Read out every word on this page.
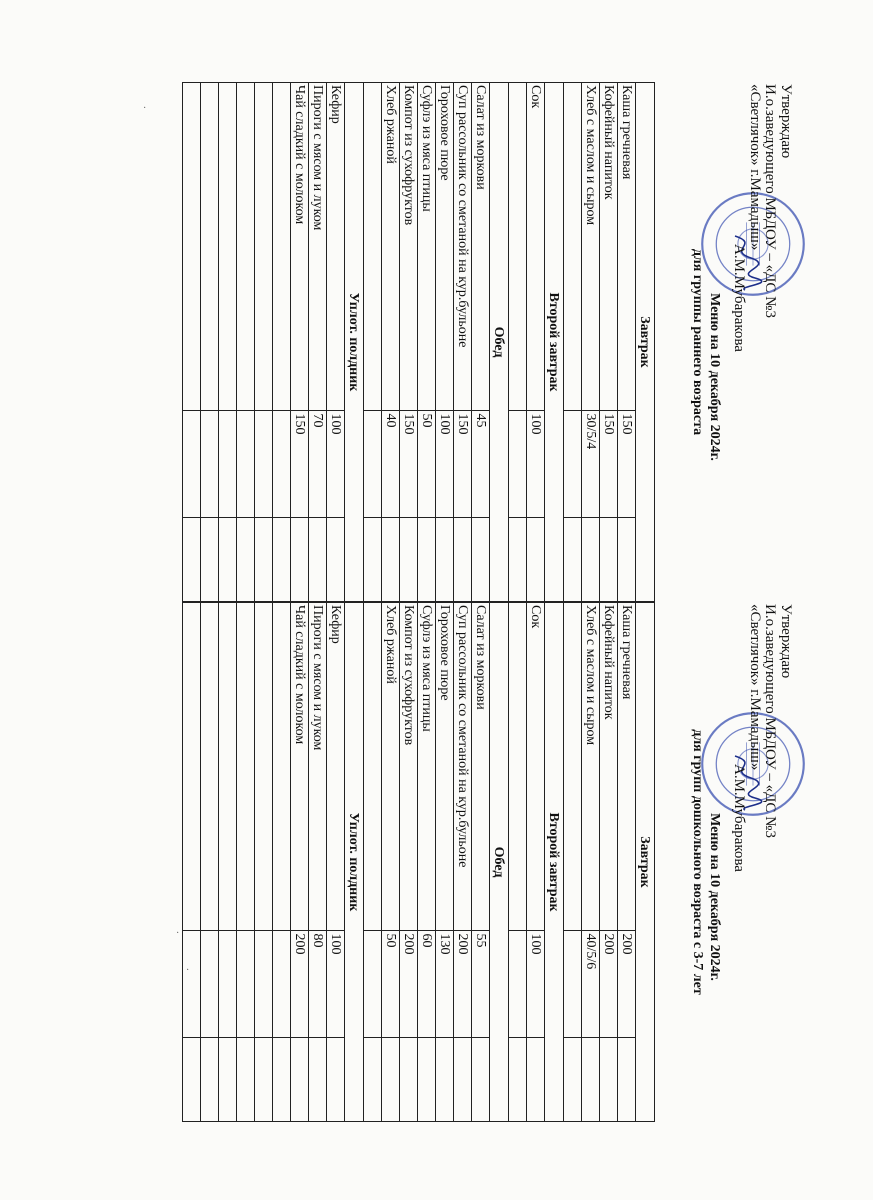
Утверждаю
И.о.заведующего МБДОУ – «ДС №3
«Светлячок» г.Мамадыш»
А.М.Мубаракова
Меню на 10 декабря 2024г.
для группы раннего возраста
Завтрак		
Каша гречневая	150	
Кофейный напиток	150	
Хлеб с маслом и сыром	30/5/4	

Второй завтрак		
Сок	100	

Обед		
Салат из моркови	45	
Суп рассольник со сметаной на кур.бульоне	150	
Гороховое пюре	100	
Суфлэ из мяса птицы	50	
Компот из сухофруктов	150	
Хлеб ржаной	40	

Уплот. полдник		
Кефир	100	
Пироги с мясом и луком	70	
Чай сладкий с молоком	150	

Утверждаю
И.о.заведующего МБДОУ – «ДС №3
«Светлячок» г.Мамадыш»
А.М.Мубаракова
Меню на 10 декабря 2024г.
для групп дошкольного возраста с 3-7 лет
Завтрак		
Каша гречневая	200	
Кофейный напиток	200	
Хлеб с маслом и сыром	40/5/6	

Второй завтрак		
Сок	100	

Обед		
Салат из моркови	55	
Суп рассольник со сметаной на кур.бульоне	200	
Гороховое пюре	130	
Суфлэ из мяса птицы	60	
Компот из сухофруктов	200	
Хлеб ржаной	50	

Уплот. полдник		
Кефир	100	
Пироги с мясом и луком	80	
Чай сладкий с молоком	200	

·
·
·
